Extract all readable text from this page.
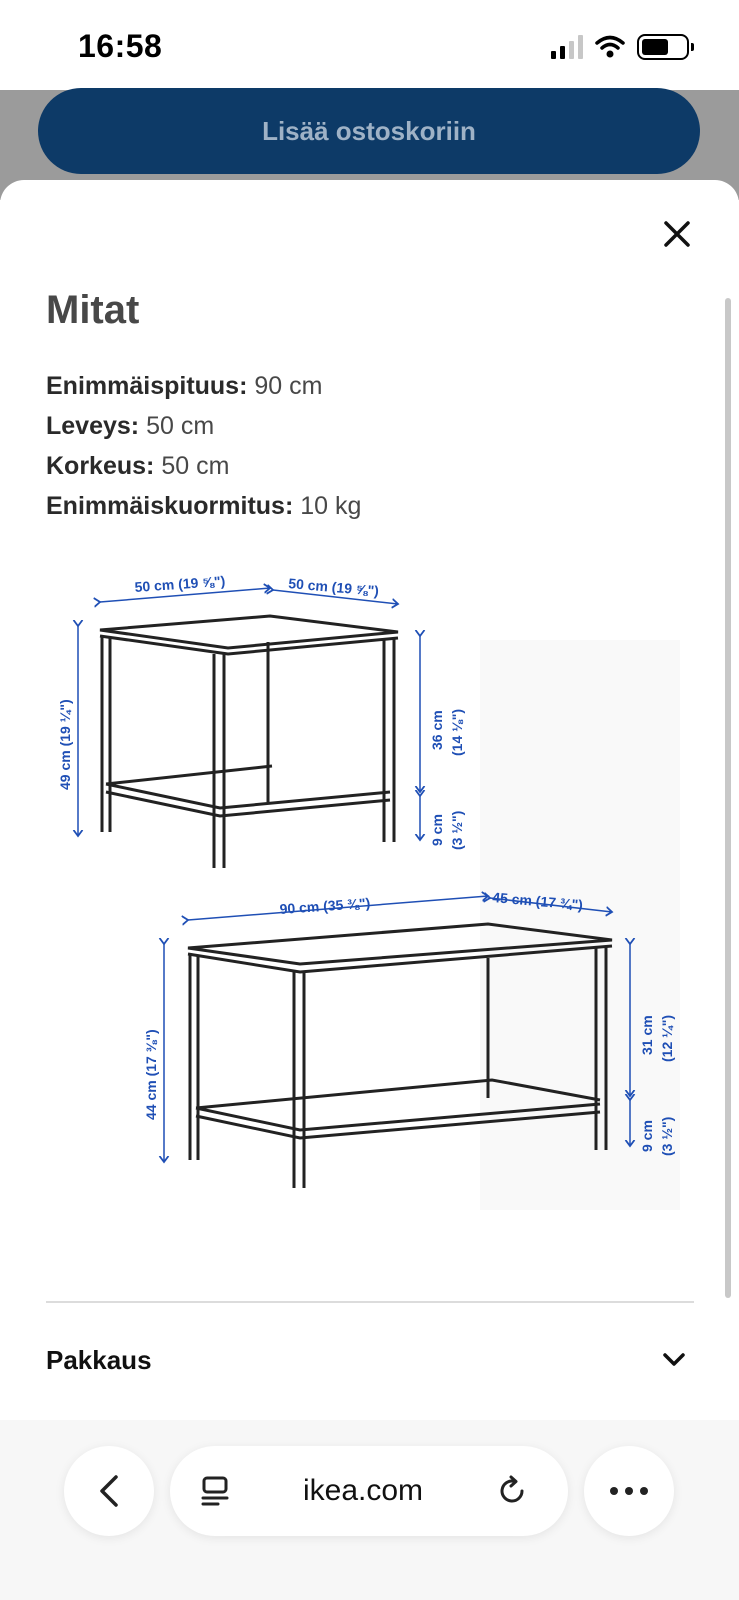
16:58
Lisää ostoskoriin
Mitat
Enimmäispituus: 90 cm
Leveys: 50 cm
Korkeus: 50 cm
Enimmäiskuormitus: 10 kg
50 cm (19 ⅝")	50 cm (19 ⅝")
49 cm (19 ¼")	36 cm (14 ⅛")
9 cm (3 ½")
90 cm (35 ⅜")	45 cm (17 ¾")
44 cm (17 ⅜")	31 cm (12 ¼")
9 cm (3 ½")
Pakkaus
ikea.com
